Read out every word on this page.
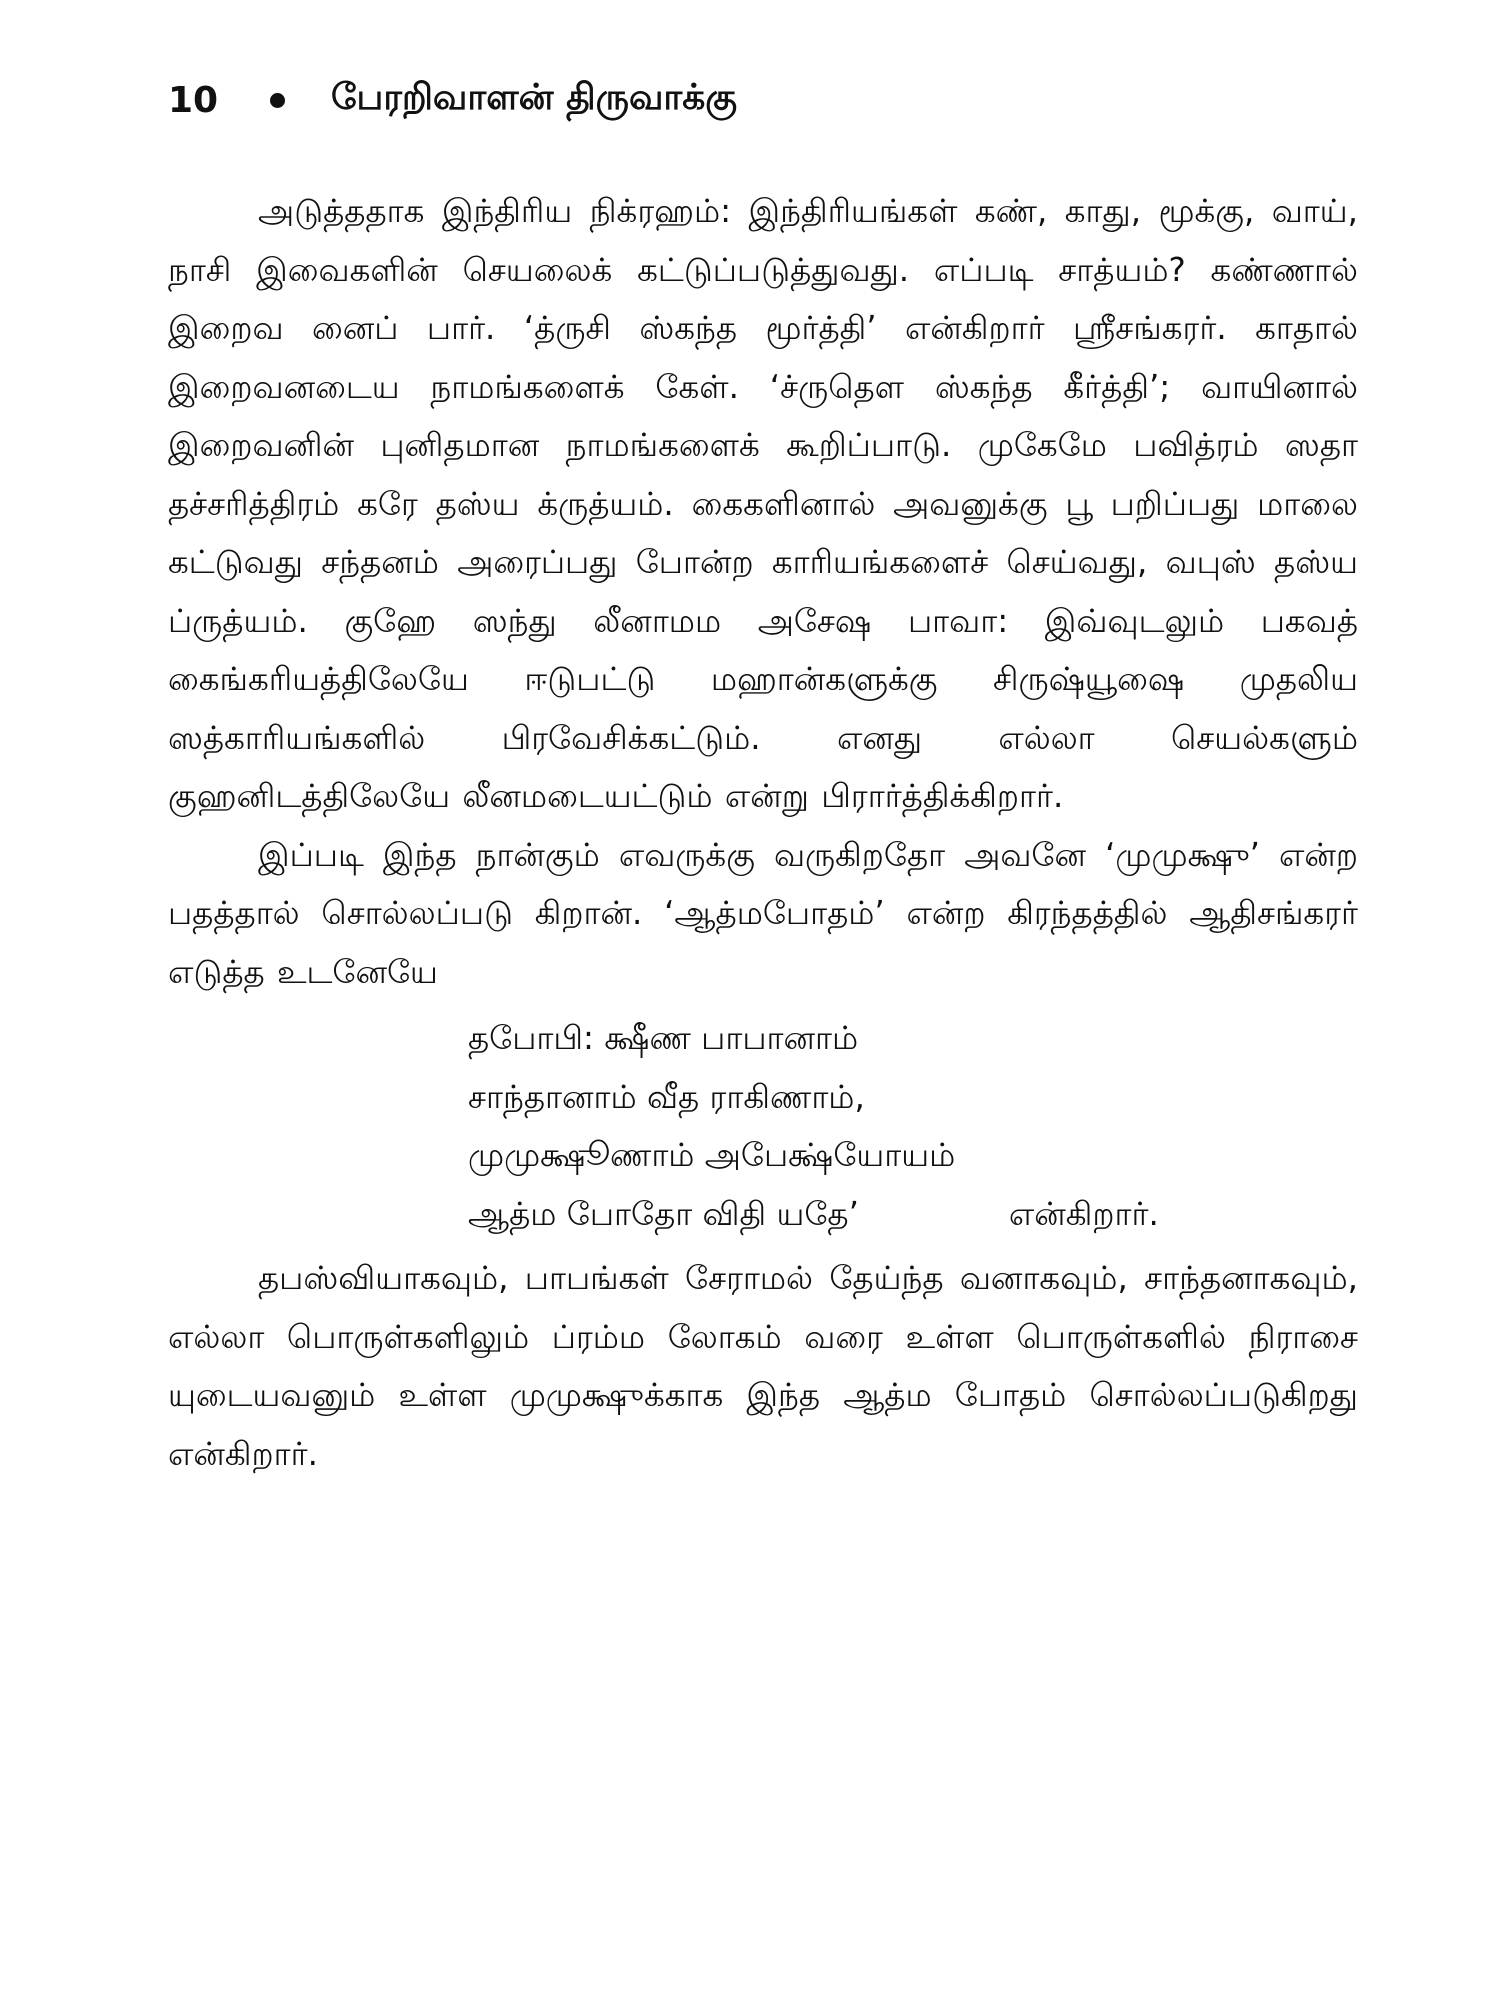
10	பேரறிவாளன் திருவாக்கு

அடுத்ததாக இந்திரிய நிக்ரஹம்: இந்திரியங்கள் கண், காது, மூக்கு, வாய், நாசி இவைகளின் செயலைக் கட்டுப்படுத்துவது. எப்படி சாத்யம்? கண்ணால் இறைவ னைப் பார். ‘த்ருசி ஸ்கந்த மூர்த்தி’ என்கிறார் ஸ்ரீசங்கரர். காதால் இறைவனடைய நாமங்களைக் கேள். ‘ச்ருதௌ ஸ்கந்த கீர்த்தி’; வாயினால் இறைவனின் புனிதமான நாமங்களைக் கூறிப்பாடு. முகேமே பவித்ரம் ஸதா தச்சரித்திரம் கரே தஸ்ய க்ருத்யம். கைகளினால் அவனுக்கு பூ பறிப்பது மாலை கட்டுவது சந்தனம் அரைப்பது போன்ற காரியங்களைச் செய்வது, வபுஸ் தஸ்ய ப்ருத்யம். குஹே ஸந்து லீனாமம அசேஷ பாவா: இவ்வுடலும் பகவத் கைங்கரியத்திலேயே ஈடுபட்டு மஹான்களுக்கு சிருஷ்யூஷை முதலிய ஸத்காரியங்களில் பிரவேசிக்கட்டும். எனது எல்லா செயல்களும் குஹனிடத்திலேயே லீனமடையட்டும் என்று பிரார்த்திக்கிறார்.

இப்படி இந்த நான்கும் எவருக்கு வருகிறதோ அவனே ‘முமுக்ஷு’ என்ற பதத்தால் சொல்லப்படு கிறான். ‘ஆத்மபோதம்’ என்ற கிரந்தத்தில் ஆதிசங்கரர் எடுத்த உடனேயே

தபோபி: க்ஷீண பாபானாம்
சாந்தானாம் வீத ராகிணாம்,
முமுக்ஷூணாம் அபேக்ஷ்யோயம்
ஆத்ம போதோ விதி யதே’	என்கிறார்.

தபஸ்வியாகவும், பாபங்கள் சேராமல் தேய்ந்த வனாகவும், சாந்தனாகவும், எல்லா பொருள்களிலும் ப்ரம்ம லோகம் வரை உள்ள பொருள்களில் நிராசை யுடையவனும் உள்ள முமுக்ஷுக்காக இந்த ஆத்ம போதம் சொல்லப்படுகிறது என்கிறார்.
